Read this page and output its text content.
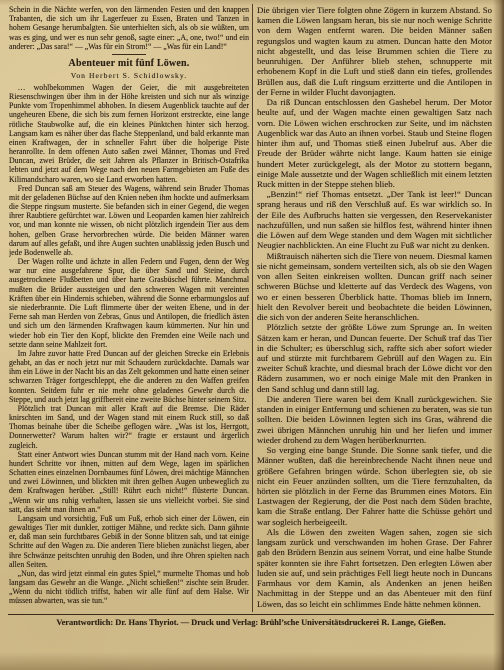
Schein in die Nächte werfen, von den lärmenden Festen und den knappen Trabanten, die sich um ihr Lagerfeuer zu Essen, Braten und Tanzen in hohem Gesange herumbalgten. Sie unterhielten sich, als ob sie wüßten, um was es ging, und wer es nun sehr genoß, sagte einer: „A, one, two!“ und ein anderer: „Das sara!“ — „Was für ein Strom!“ — „Was für ein Land!“

Abenteuer mit fünf Löwen.
Von Herbert S. Schidlowsky.

… wohlbekommen Wagen der Geier, die mit ausgebreiteten Riesenschwingen über ihm in der Höhe kreisten und sich nur als winzige Punkte vom Tropenhimmel abhoben. In diesem Augenblick tauchte auf der ungeheuren Ebene, die sich bis zum fernen Horizont erstreckte, eine lange rötliche Staubwolke auf, die ein kleines Pünktchen hinter sich herzog. Langsam kam es näher über das flache Steppenland, und bald erkannte man einen Kraftwagen, der in schneller Fahrt über die holperige Piste heranrollte. In dem offenen Auto saßen zwei Männer, Thomas und Fred Duncan, zwei Brüder, die seit Jahren als Pflanzer in Britisch-Ostafrika lebten und jetzt auf dem Wege nach den neuen Farmgebieten am Fuße des Kilimandscharo waren, wo sie Land erworben hatten.

Fred Duncan saß am Steuer des Wagens, während sein Bruder Thomas mit der geladenen Büchse auf den Knien neben ihm hockte und aufmerksam die Steppe ringsum musterte. Sie befanden sich in einer Gegend, die wegen ihrer Raubtiere gefürchtet war. Löwen und Leoparden kamen hier zahlreich vor, und man konnte nie wissen, ob nicht plötzlich irgendein Tier aus dem hohen, gelben Grase hervorbrechen würde. Die beiden Männer waren darum auf alles gefaßt, und ihre Augen suchten unablässig jeden Busch und jede Bodenwelle ab.

Der Wagen rollte und ächzte in allen Federn und Fugen, denn der Weg war nur eine ausgefahrene Spur, die über Sand und Steine, durch ausgetrocknete Flußbetten und über harte Grasbüschel führte. Manchmal mußten die Brüder aussteigen und den schweren Wagen mit vereinten Kräften über ein Hindernis schieben, während die Sonne erbarmungslos auf sie niederbrannte. Die Luft flimmerte über der weiten Ebene, und in der Ferne sah man Herden von Zebras, Gnus und Antilopen, die friedlich ästen und sich um den lärmenden Kraftwagen kaum kümmerten. Nur hin und wieder hob ein Tier den Kopf, blickte den Fremden eine Weile nach und setzte dann seine Mahlzeit fort.

Im Jahre zuvor hatte Fred Duncan auf der gleichen Strecke ein Erlebnis gehabt, an das er noch jetzt nur mit Schaudern zurückdachte. Damals war ihm ein Löwe in der Nacht bis an das Zelt gekommen und hatte einen seiner schwarzen Träger fortgeschleppt, ehe die anderen zu den Waffen greifen konnten. Seitdem fuhr er nie mehr ohne geladenes Gewehr durch die Steppe, und auch jetzt lag griffbereit eine zweite Büchse hinter seinem Sitz.

Plötzlich trat Duncan mit aller Kraft auf die Bremse. Die Räder knirschten im Sand, und der Wagen stand mit einem Ruck still, so daß Thomas beinahe über die Scheibe geflogen wäre. „Was ist los, Herrgott, Donnerwetter? Warum halten wir?“ fragte er erstaunt und ärgerlich zugleich.

Statt einer Antwort wies Duncan stumm mit der Hand nach vorn. Keine hundert Schritte vor ihnen, mitten auf dem Wege, lagen im spärlichen Schatten eines einzelnen Dornbaumes fünf Löwen, drei mächtige Männchen und zwei Löwinnen, und blickten mit ihren gelben Augen unbeweglich zu dem Kraftwagen herüber. „Still! Rührt euch nicht!“ flüsterte Duncan. „Wenn wir uns ruhig verhalten, lassen sie uns vielleicht vorbei. Sie sind satt, das sieht man ihnen an.“

Langsam und vorsichtig, Fuß um Fuß, erhob sich einer der Löwen, ein gewaltiges Tier mit dunkler, zottiger Mähne, und reckte sich. Dann gähnte er, daß man sein furchtbares Gebiß in der Sonne blitzen sah, und tat einige Schritte auf den Wagen zu. Die anderen Tiere blieben zunächst liegen, aber ihre Schwänze peitschten unruhig den Boden, und ihre Ohren spielten nach allen Seiten.

„Nun, das wird jetzt einmal ein gutes Spiel,“ murmelte Thomas und hob langsam das Gewehr an die Wange. „Nicht schießen!“ zischte sein Bruder. „Wenn du nicht tödlich triffst, haben wir alle fünf auf dem Halse. Wir müssen abwarten, was sie tun.“

Die übrigen vier Tiere folgten ohne Zögern in kurzem Abstand. So kamen die Löwen langsam heran, bis sie nur noch wenige Schritte von dem Wagen entfernt waren. Die beiden Männer saßen regungslos und wagten kaum zu atmen. Duncan hatte den Motor nicht abgestellt, und das leise Brummen schien die Tiere zu beunruhigen. Der Anführer blieb stehen, schnupperte mit erhobenem Kopf in die Luft und stieß dann ein tiefes, grollendes Brüllen aus, daß die Luft ringsum erzitterte und die Antilopen in der Ferne in wilder Flucht davonjagten.

Da riß Duncan entschlossen den Gashebel herum. Der Motor heulte auf, und der Wagen machte einen gewaltigen Satz nach vorn. Die Löwen wichen erschrocken zur Seite, und im nächsten Augenblick war das Auto an ihnen vorbei. Staub und Steine flogen hinter ihm auf, und Thomas stieß einen Jubelruf aus. Aber die Freude der Brüder währte nicht lange. Kaum hatten sie einige hundert Meter zurückgelegt, als der Motor zu stottern begann, einige Male aussetzte und der Wagen schließlich mit einem letzten Ruck mitten in der Steppe stehen blieb.

„Benzin!“ rief Thomas entsetzt. „Der Tank ist leer!“ Duncan sprang heraus und riß den Verschluß auf. Es war wirklich so. In der Eile des Aufbruchs hatten sie vergessen, den Reservekanister nachzufüllen, und nun saßen sie hilflos fest, während hinter ihnen die Löwen auf dem Wege standen und dem Wagen mit sichtlicher Neugier nachblickten. An eine Flucht zu Fuß war nicht zu denken.

Mißtrauisch näherten sich die Tiere von neuem. Diesmal kamen sie nicht gemeinsam, sondern verteilten sich, als ob sie den Wagen von allen Seiten einkreisen wollten. Duncan griff nach seiner schweren Büchse und kletterte auf das Verdeck des Wagens, von wo er einen besseren Überblick hatte. Thomas blieb im Innern, hielt den Revolver bereit und beobachtete die beiden Löwinnen, die sich von der anderen Seite heranschlichen.

Plötzlich setzte der größte Löwe zum Sprunge an. In weiten Sätzen kam er heran, und Duncan feuerte. Der Schuß traf das Tier in die Schulter; es überschlug sich, raffte sich aber sofort wieder auf und stürzte mit furchtbarem Gebrüll auf den Wagen zu. Ein zweiter Schuß krachte, und diesmal brach der Löwe dicht vor den Rädern zusammen, wo er noch einige Male mit den Pranken in den Sand schlug und dann still lag.

Die anderen Tiere waren bei dem Knall zurückgewichen. Sie standen in einiger Entfernung und schienen zu beraten, was sie tun sollten. Die beiden Löwinnen legten sich ins Gras, während die zwei übrigen Männchen unruhig hin und her liefen und immer wieder drohend zu dem Wagen herüberknurrten.

So verging eine bange Stunde. Die Sonne sank tiefer, und die Männer wußten, daß die hereinbrechende Nacht ihnen neue und größere Gefahren bringen würde. Schon überlegten sie, ob sie nicht ein Feuer anzünden sollten, um die Tiere fernzuhalten, da hörten sie plötzlich in der Ferne das Brummen eines Motors. Ein Lastwagen der Regierung, der die Post nach dem Süden brachte, kam die Straße entlang. Der Fahrer hatte die Schüsse gehört und war sogleich herbeigeeilt.

Als die Löwen den zweiten Wagen sahen, zogen sie sich langsam zurück und verschwanden im hohen Grase. Der Fahrer gab den Brüdern Benzin aus seinem Vorrat, und eine halbe Stunde später konnten sie ihre Fahrt fortsetzen. Den erlegten Löwen aber luden sie auf, und sein prächtiges Fell liegt heute noch in Duncans Farmhaus vor dem Kamin, als Andenken an jenen heißen Nachmittag in der Steppe und an das Abenteuer mit den fünf Löwen, das so leicht ein schlimmes Ende hätte nehmen können.

Verantwortlich: Dr. Hans Thyriot. — Druck und Verlag: Brühl’sche Universitätsdruckerei R. Lange, Gießen.
